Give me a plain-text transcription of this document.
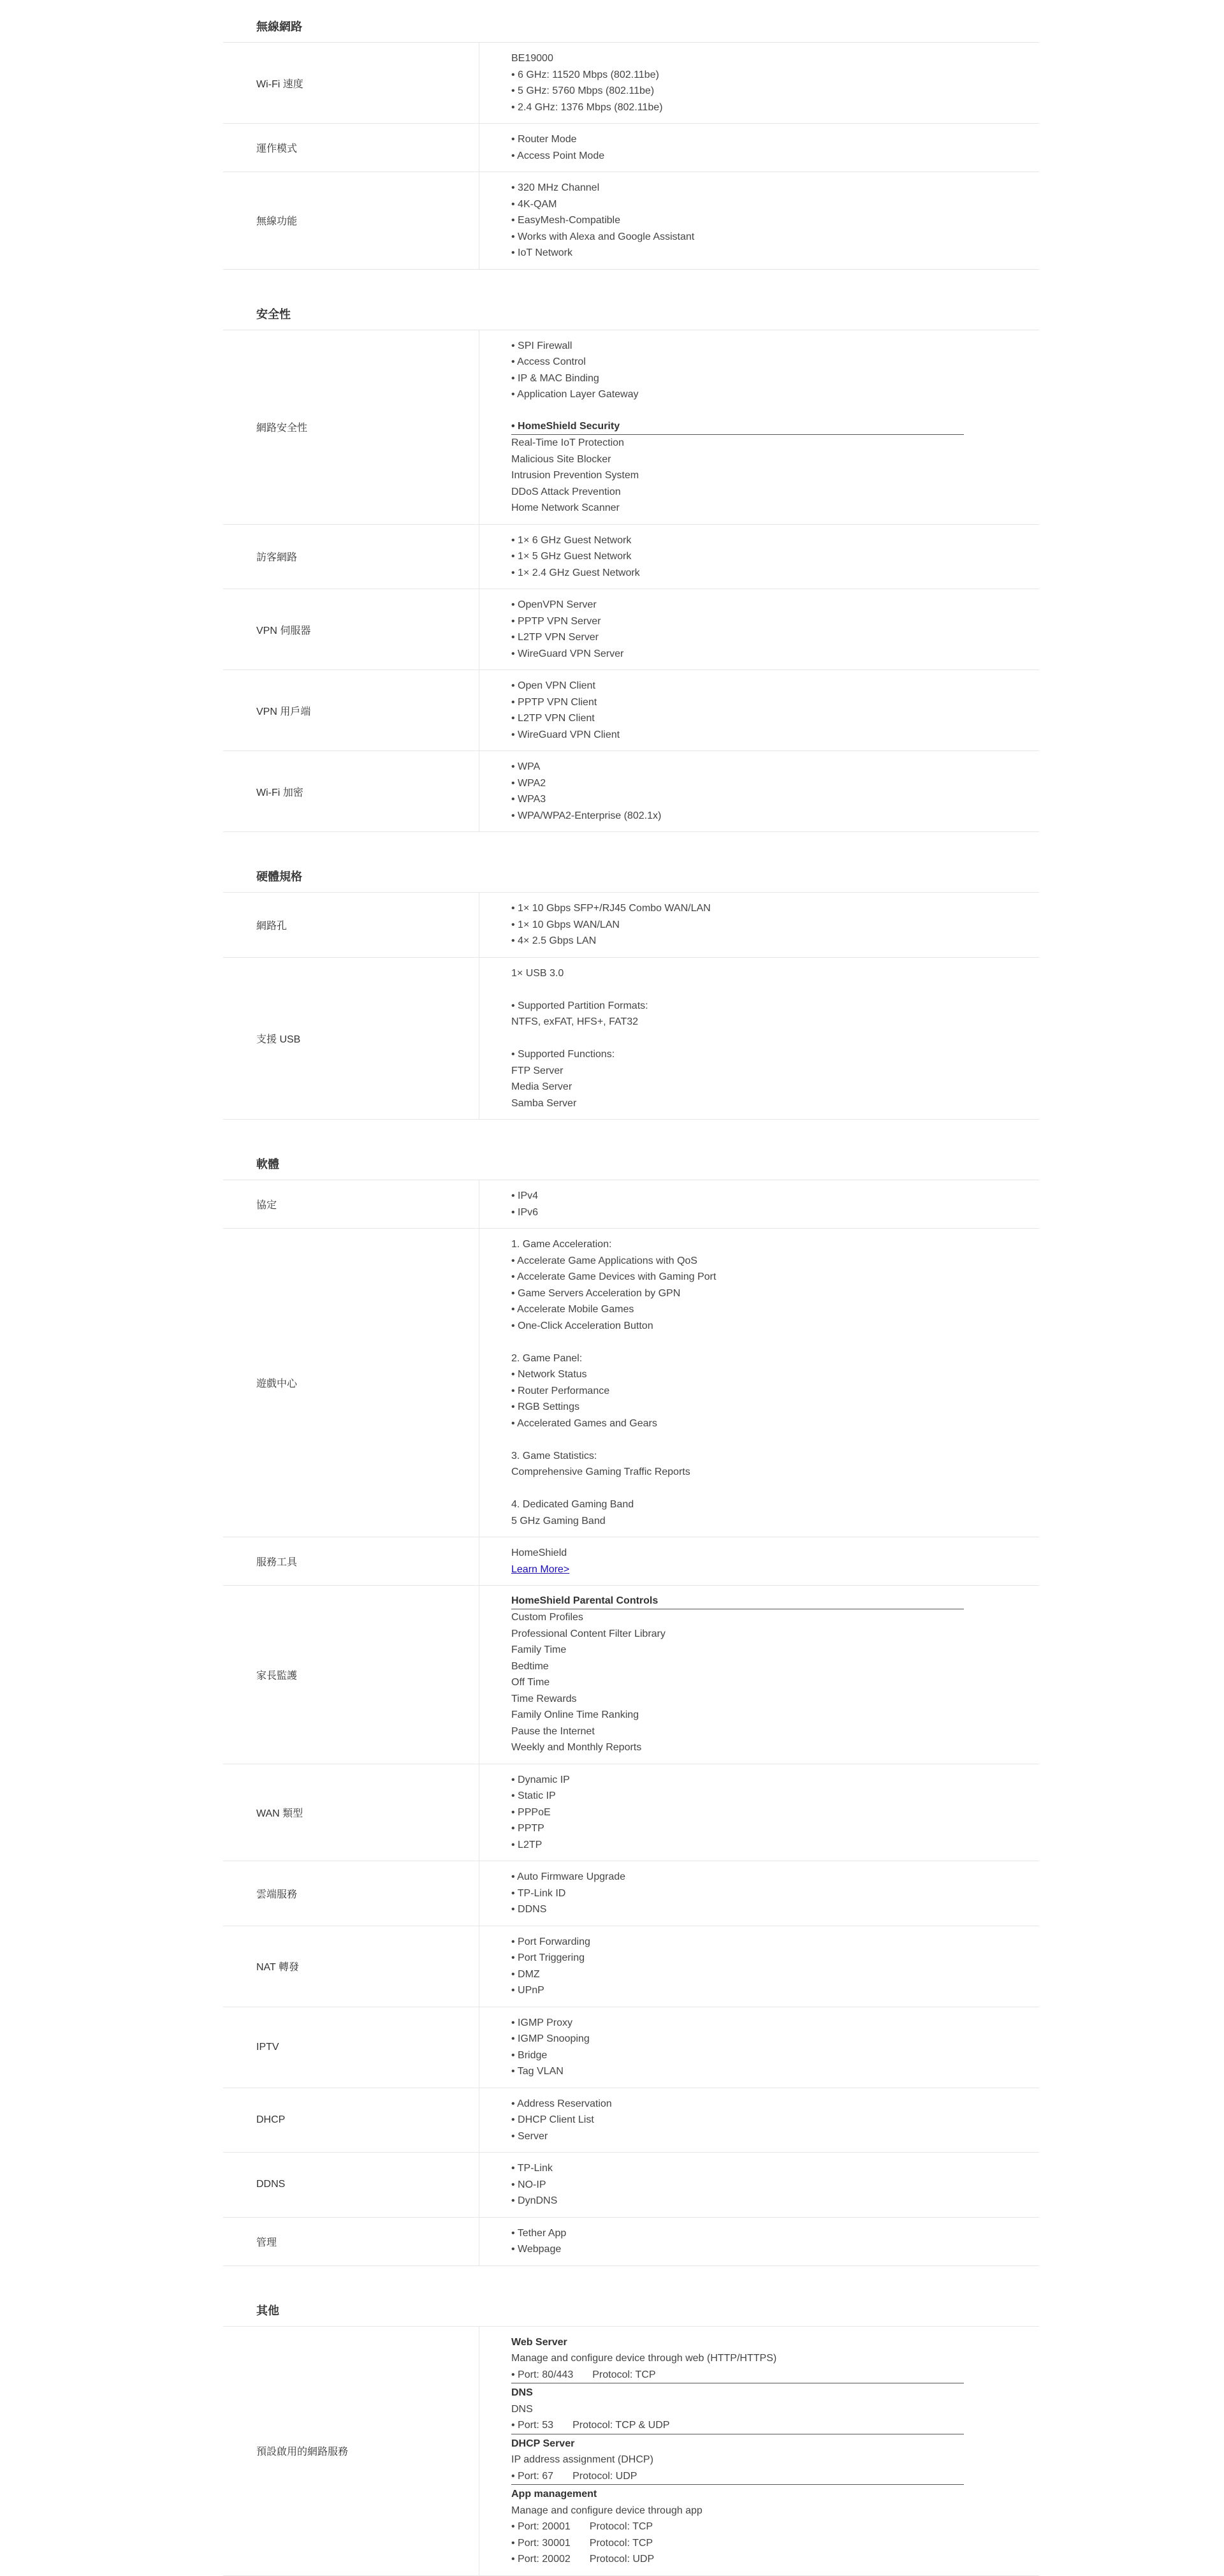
無線網路
Wi-Fi 速度
BE19000
• 6 GHz: 11520 Mbps (802.11be)
• 5 GHz: 5760 Mbps (802.11be)
• 2.4 GHz: 1376 Mbps (802.11be)
運作模式
• Router Mode
• Access Point Mode
無線功能
• 320 MHz Channel
• 4K-QAM
• EasyMesh-Compatible
• Works with Alexa and Google Assistant
• IoT Network
安全性
網路安全性
• SPI Firewall
• Access Control
• IP & MAC Binding
• Application Layer Gateway
• HomeShield Security
Real-Time IoT Protection
Malicious Site Blocker
Intrusion Prevention System
DDoS Attack Prevention
Home Network Scanner
訪客網路
• 1× 6 GHz Guest Network
• 1× 5 GHz Guest Network
• 1× 2.4 GHz Guest Network
VPN 伺服器
• OpenVPN Server
• PPTP VPN Server
• L2TP VPN Server
• WireGuard VPN Server
VPN 用戶端
• Open VPN Client
• PPTP VPN Client
• L2TP VPN Client
• WireGuard VPN Client
Wi-Fi 加密
• WPA
• WPA2
• WPA3
• WPA/WPA2-Enterprise (802.1x)
硬體規格
網路孔
• 1× 10 Gbps SFP+/RJ45 Combo WAN/LAN
• 1× 10 Gbps WAN/LAN
• 4× 2.5 Gbps LAN
支援 USB
1× USB 3.0
• Supported Partition Formats:
NTFS, exFAT, HFS+, FAT32
• Supported Functions:
FTP Server
Media Server
Samba Server
軟體
協定
• IPv4
• IPv6
遊戲中心
1. Game Acceleration:
• Accelerate Game Applications with QoS
• Accelerate Game Devices with Gaming Port
• Game Servers Acceleration by GPN
• Accelerate Mobile Games
• One-Click Acceleration Button
2. Game Panel:
• Network Status
• Router Performance
• RGB Settings
• Accelerated Games and Gears
3. Game Statistics:
Comprehensive Gaming Traffic Reports
4. Dedicated Gaming Band
5 GHz Gaming Band
服務工具
HomeShield
Learn More>
家長監護
HomeShield Parental Controls
Custom Profiles
Professional Content Filter Library
Family Time
Bedtime
Off Time
Time Rewards
Family Online Time Ranking
Pause the Internet
Weekly and Monthly Reports
WAN 類型
• Dynamic IP
• Static IP
• PPPoE
• PPTP
• L2TP
雲端服務
• Auto Firmware Upgrade
• TP-Link ID
• DDNS
NAT 轉發
• Port Forwarding
• Port Triggering
• DMZ
• UPnP
IPTV
• IGMP Proxy
• IGMP Snooping
• Bridge
• Tag VLAN
DHCP
• Address Reservation
• DHCP Client List
• Server
DDNS
• TP-Link
• NO-IP
• DynDNS
管理
• Tether App
• Webpage
其他
預設啟用的網路服務
Web Server
Manage and configure device through web (HTTP/HTTPS)
• Port: 80/443 Protocol: TCP
DNS
DNS
• Port: 53 Protocol: TCP & UDP
DHCP Server
IP address assignment (DHCP)
• Port: 67 Protocol: UDP
App management
Manage and configure device through app
• Port: 20001 Protocol: TCP
• Port: 30001 Protocol: TCP
• Port: 20002 Protocol: UDP
